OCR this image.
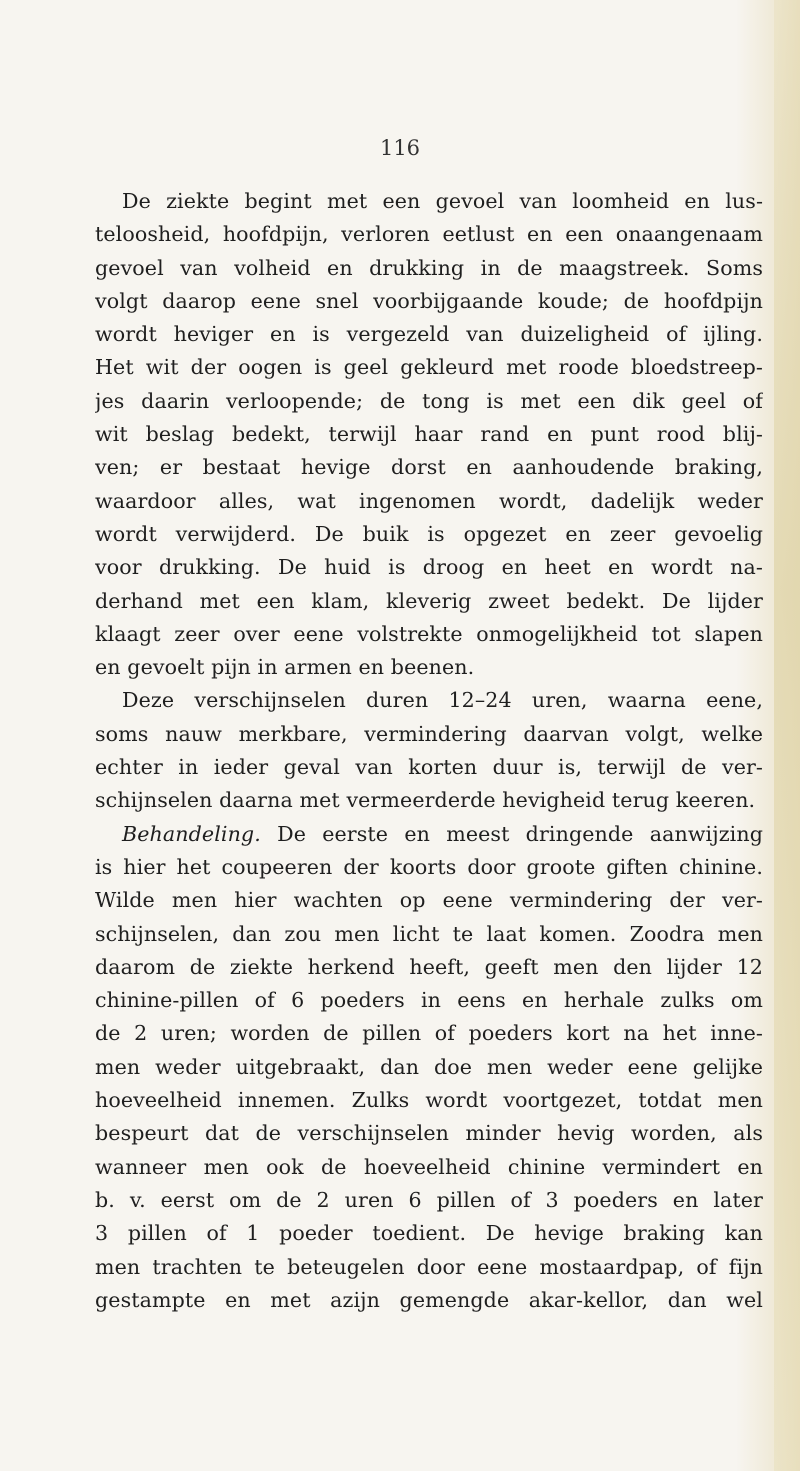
116

De ziekte begint met een gevoel van loomheid en lus-
teloosheid, hoofdpijn, verloren eetlust en een onaangenaam
gevoel van volheid en drukking in de maagstreek. Soms
volgt daarop eene snel voorbijgaande koude; de hoofdpijn
wordt heviger en is vergezeld van duizeligheid of ijling.
Het wit der oogen is geel gekleurd met roode bloedstreep-
jes daarin verloopende; de tong is met een dik geel of
wit beslag bedekt, terwijl haar rand en punt rood blij-
ven; er bestaat hevige dorst en aanhoudende braking,
waardoor alles, wat ingenomen wordt, dadelijk weder
wordt verwijderd. De buik is opgezet en zeer gevoelig
voor drukking. De huid is droog en heet en wordt na-
derhand met een klam, kleverig zweet bedekt. De lijder
klaagt zeer over eene volstrekte onmogelijkheid tot slapen
en gevoelt pijn in armen en beenen.
Deze verschijnselen duren 12–24 uren, waarna eene,
soms nauw merkbare, vermindering daarvan volgt, welke
echter in ieder geval van korten duur is, terwijl de ver-
schijnselen daarna met vermeerderde hevigheid terug keeren.
Behandeling. De eerste en meest dringende aanwijzing
is hier het coupeeren der koorts door groote giften chinine.
Wilde men hier wachten op eene vermindering der ver-
schijnselen, dan zou men licht te laat komen. Zoodra men
daarom de ziekte herkend heeft, geeft men den lijder 12
chinine-pillen of 6 poeders in eens en herhale zulks om
de 2 uren; worden de pillen of poeders kort na het inne-
men weder uitgebraakt, dan doe men weder eene gelijke
hoeveelheid innemen. Zulks wordt voortgezet, totdat men
bespeurt dat de verschijnselen minder hevig worden, als
wanneer men ook de hoeveelheid chinine vermindert en
b. v. eerst om de 2 uren 6 pillen of 3 poeders en later
3 pillen of 1 poeder toedient. De hevige braking kan
men trachten te beteugelen door eene mostaardpap, of fijn
gestampte en met azijn gemengde akar-kellor, dan wel
